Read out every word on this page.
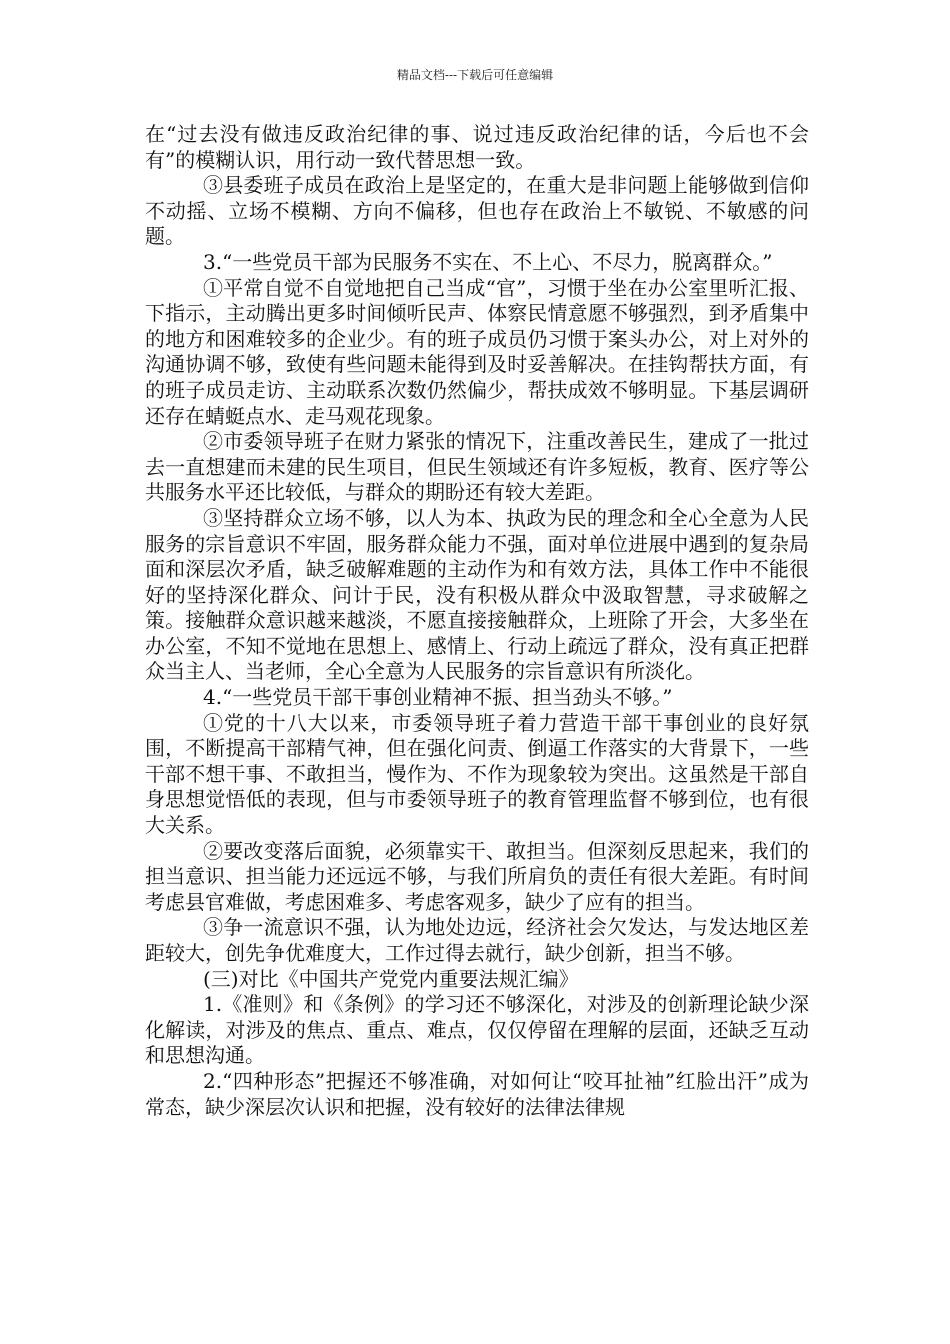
精品文档---下载后可任意编辑

在“过去没有做违反政治纪律的事、说过违反政治纪律的话，今后也不会有”的模糊认识，用行动一致代替思想一致。

③县委班子成员在政治上是坚定的，在重大是非问题上能够做到信仰不动摇、立场不模糊、方向不偏移，但也存在政治上不敏锐、不敏感的问题。

3.“一些党员干部为民服务不实在、不上心、不尽力，脱离群众。”

①平常自觉不自觉地把自己当成“官”，习惯于坐在办公室里听汇报、下指示，主动腾出更多时间倾听民声、体察民情意愿不够强烈，到矛盾集中的地方和困难较多的企业少。有的班子成员仍习惯于案头办公，对上对外的沟通协调不够，致使有些问题未能得到及时妥善解决。在挂钩帮扶方面，有的班子成员走访、主动联系次数仍然偏少，帮扶成效不够明显。下基层调研还存在蜻蜓点水、走马观花现象。

②市委领导班子在财力紧张的情况下，注重改善民生，建成了一批过去一直想建而未建的民生项目，但民生领域还有许多短板，教育、医疗等公共服务水平还比较低，与群众的期盼还有较大差距。

③坚持群众立场不够，以人为本、执政为民的理念和全心全意为人民服务的宗旨意识不牢固，服务群众能力不强，面对单位进展中遇到的复杂局面和深层次矛盾，缺乏破解难题的主动作为和有效方法，具体工作中不能很好的坚持深化群众、问计于民，没有积极从群众中汲取智慧，寻求破解之策。接触群众意识越来越淡，不愿直接接触群众，上班除了开会，大多坐在办公室，不知不觉地在思想上、感情上、行动上疏远了群众，没有真正把群众当主人、当老师，全心全意为人民服务的宗旨意识有所淡化。

4.“一些党员干部干事创业精神不振、担当劲头不够。”

①党的十八大以来，市委领导班子着力营造干部干事创业的良好氛围，不断提高干部精气神，但在强化问责、倒逼工作落实的大背景下，一些干部不想干事、不敢担当，慢作为、不作为现象较为突出。这虽然是干部自身思想觉悟低的表现，但与市委领导班子的教育管理监督不够到位，也有很大关系。

②要改变落后面貌，必须靠实干、敢担当。但深刻反思起来，我们的担当意识、担当能力还远远不够，与我们所肩负的责任有很大差距。有时间考虑县官难做，考虑困难多、考虑客观多，缺少了应有的担当。

③争一流意识不强，认为地处边远，经济社会欠发达，与发达地区差距较大，创先争优难度大，工作过得去就行，缺少创新，担当不够。

(三)对比《中国共产党党内重要法规汇编》

1.《准则》和《条例》的学习还不够深化，对涉及的创新理论缺少深化解读，对涉及的焦点、重点、难点，仅仅停留在理解的层面，还缺乏互动和思想沟通。

2.“四种形态”把握还不够准确，对如何让“咬耳扯袖”红脸出汗”成为常态，缺少深层次认识和把握，没有较好的法律法律规
